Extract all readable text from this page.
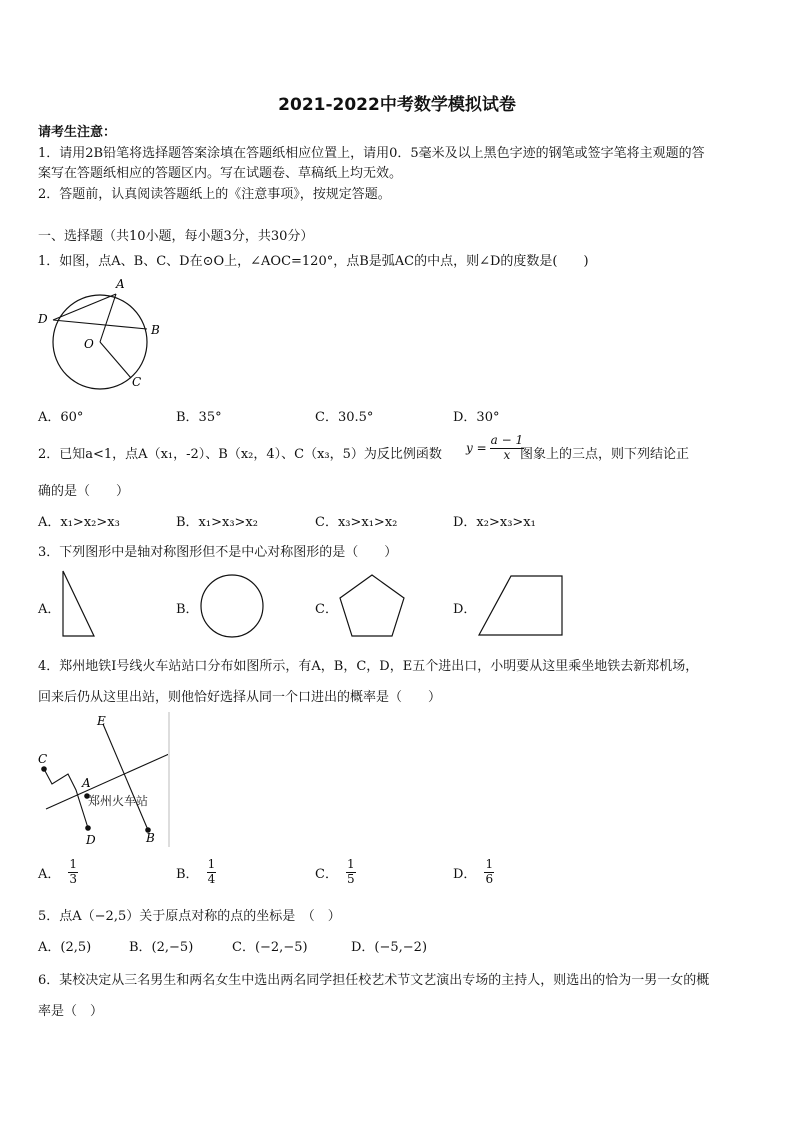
2021-2022中考数学模拟试卷
请考生注意：
1．请用2B铅笔将选择题答案涂填在答题纸相应位置上，请用0．5毫米及以上黑色字迹的钢笔或签字笔将主观题的答
案写在答题纸相应的答题区内。写在试题卷、草稿纸上均无效。
2．答题前，认真阅读答题纸上的《注意事项》，按规定答题。
一、选择题（共10小题，每小题3分，共30分）
1．如图，点A、B、C、D在⊙O上，∠AOC=120°，点B是弧AC的中点，则∠D的度数是(　　)
A
B
C
D
O
A．60°	B．35°	C．30.5°	D．30°
2．已知a<1，点A（x₁，-2）、B（x₂，4）、C（x₃，5）为反比例函数 $y = \frac{a - 1}{x}$
图象上的三点，则下列结论正
确的是（　　）
A．x₁>x₂>x₃	B．x₁>x₃>x₂	C．x₃>x₁>x₂	D．x₂>x₃>x₁
3．下列图形中是轴对称图形但不是中心对称图形的是（　　）
A．	B．	C．	D．
4．郑州地铁Ⅰ号线火车站站口分布如图所示，有A，B，C，D，E五个进出口，小明要从这里乘坐地铁去新郑机场，
回来后仍从这里出站，则他恰好选择从同一个口进出的概率是（　　）
E
C
A
D	B
郑州火车站
A． $\frac{1}{3}$	B． $\frac{1}{4}$	C． $\frac{1}{5}$	D． $\frac{1}{6}$
5．点A（−2,5）关于原点对称的点的坐标是　（　）
A．(2,5)	B．(2,−5)	C．(−2,−5)	D．(−5,−2)
6．某校决定从三名男生和两名女生中选出两名同学担任校艺术节文艺演出专场的主持人，则选出的恰为一男一女的概
率是（　）
